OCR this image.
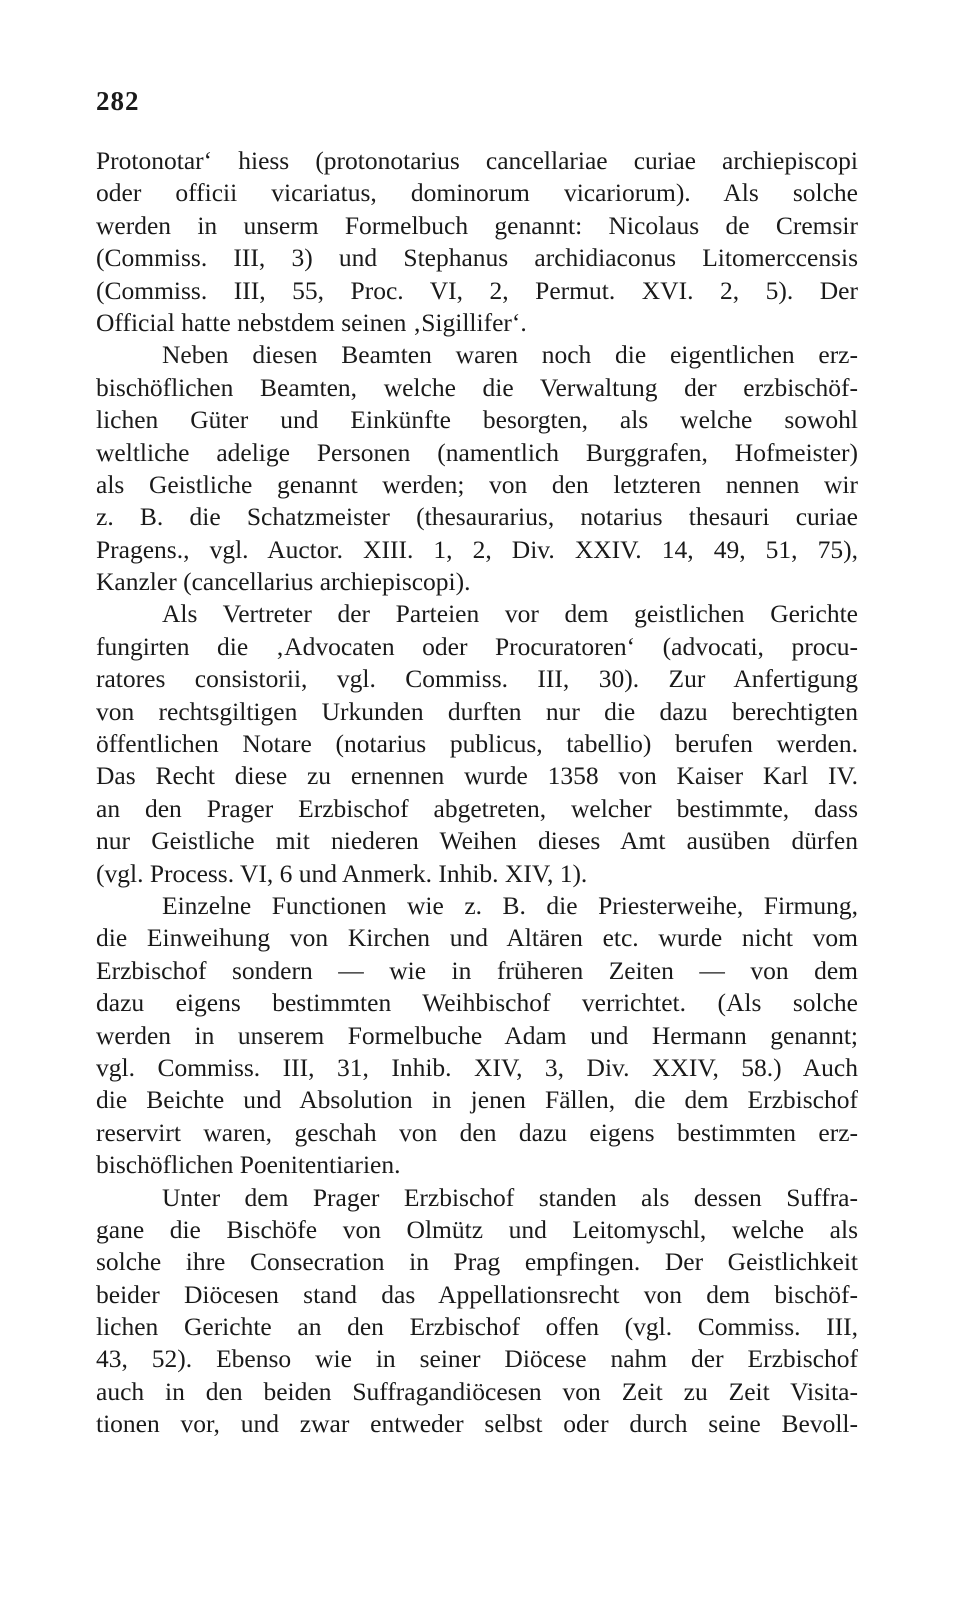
282
Protonotar‘ hiess (protonotarius cancellariae curiae archiepiscopi
oder officii vicariatus, dominorum vicariorum). Als solche
werden in unserm Formelbuch genannt: Nicolaus de Cremsir
(Commiss. III, 3) und Stephanus archidiaconus Litomerccensis
(Commiss. III, 55, Proc. VI, 2, Permut. XVI. 2, 5). Der
Official hatte nebstdem seinen ‚Sigillifer‘.
Neben diesen Beamten waren noch die eigentlichen erz-
bischöflichen Beamten, welche die Verwaltung der erzbischöf-
lichen Güter und Einkünfte besorgten, als welche sowohl
weltliche adelige Personen (namentlich Burggrafen, Hofmeister)
als Geistliche genannt werden; von den letzteren nennen wir
z. B. die Schatzmeister (thesaurarius, notarius thesauri curiae
Pragens., vgl. Auctor. XIII. 1, 2, Div. XXIV. 14, 49, 51, 75),
Kanzler (cancellarius archiepiscopi).
Als Vertreter der Parteien vor dem geistlichen Gerichte
fungirten die ‚Advocaten oder Procuratoren‘ (advocati, procu-
ratores consistorii, vgl. Commiss. III, 30). Zur Anfertigung
von rechtsgiltigen Urkunden durften nur die dazu berechtigten
öffentlichen Notare (notarius publicus, tabellio) berufen werden.
Das Recht diese zu ernennen wurde 1358 von Kaiser Karl IV.
an den Prager Erzbischof abgetreten, welcher bestimmte, dass
nur Geistliche mit niederen Weihen dieses Amt ausüben dürfen
(vgl. Process. VI, 6 und Anmerk. Inhib. XIV, 1).
Einzelne Functionen wie z. B. die Priesterweihe, Firmung,
die Einweihung von Kirchen und Altären etc. wurde nicht vom
Erzbischof sondern — wie in früheren Zeiten — von dem
dazu eigens bestimmten Weihbischof verrichtet. (Als solche
werden in unserem Formelbuche Adam und Hermann genannt;
vgl. Commiss. III, 31, Inhib. XIV, 3, Div. XXIV, 58.) Auch
die Beichte und Absolution in jenen Fällen, die dem Erzbischof
reservirt waren, geschah von den dazu eigens bestimmten erz-
bischöflichen Poenitentiarien.
Unter dem Prager Erzbischof standen als dessen Suffra-
gane die Bischöfe von Olmütz und Leitomyschl, welche als
solche ihre Consecration in Prag empfingen. Der Geistlichkeit
beider Diöcesen stand das Appellationsrecht von dem bischöf-
lichen Gerichte an den Erzbischof offen (vgl. Commiss. III,
43, 52). Ebenso wie in seiner Diöcese nahm der Erzbischof
auch in den beiden Suffragandiöcesen von Zeit zu Zeit Visita-
tionen vor, und zwar entweder selbst oder durch seine Bevoll-
